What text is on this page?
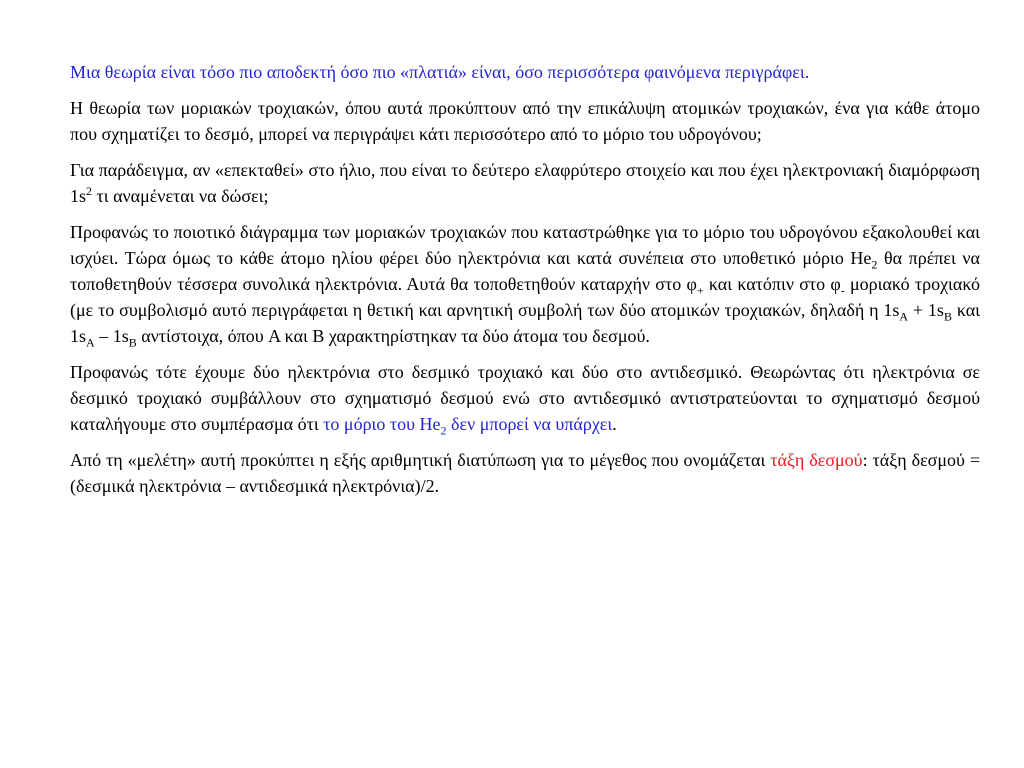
Μια θεωρία είναι τόσο πιο αποδεκτή όσο πιο «πλατιά» είναι, όσο περισσότερα φαινόμενα περιγράφει.

Η θεωρία των μοριακών τροχιακών, όπου αυτά προκύπτουν από την επικάλυψη ατομικών τροχιακών, ένα για κάθε άτομο που σχηματίζει το δεσμό, μπορεί να περιγράψει κάτι περισσότερο από το μόριο του υδρογόνου;

Για παράδειγμα, αν «επεκταθεί» στο ήλιο, που είναι το δεύτερο ελαφρύτερο στοιχείο και που έχει ηλεκτρονιακή διαμόρφωση $1s^2$ τι αναμένεται να δώσει;

Προφανώς το ποιοτικό διάγραμμα των μοριακών τροχιακών που καταστρώθηκε για το μόριο του υδρογόνου εξακολουθεί και ισχύει. Τώρα όμως το κάθε άτομο ηλίου φέρει δύο ηλεκτρόνια και κατά συνέπεια στο υποθετικό μόριο $He_2$ θα πρέπει να τοποθετηθούν τέσσερα συνολικά ηλεκτρόνια. Αυτά θα τοποθετηθούν καταρχήν στο $\varphi_+$ και κατόπιν στο $\varphi_-$ μοριακό τροχιακό (με το συμβολισμό αυτό περιγράφεται η θετική και αρνητική συμβολή των δύο ατομικών τροχιακών, δηλαδή η $1s_A + 1s_B$ και $1s_A - 1s_B$ αντίστοιχα, όπου A και B χαρακτηρίστηκαν τα δύο άτομα του δεσμού.

Προφανώς τότε έχουμε δύο ηλεκτρόνια στο δεσμικό τροχιακό και δύο στο αντιδεσμικό. Θεωρώντας ότι ηλεκτρόνια σε δεσμικό τροχιακό συμβάλλουν στο σχηματισμό δεσμού ενώ στο αντιδεσμικό αντιστρατεύονται το σχηματισμό δεσμού καταλήγουμε στο συμπέρασμα ότι το μόριο του $He_2$ δεν μπορεί να υπάρχει.

Από τη «μελέτη» αυτή προκύπτει η εξής αριθμητική διατύπωση για το μέγεθος που ονομάζεται τάξη δεσμού: τάξη δεσμού = (δεσμικά ηλεκτρόνια – αντιδεσμικά ηλεκτρόνια)/2.
